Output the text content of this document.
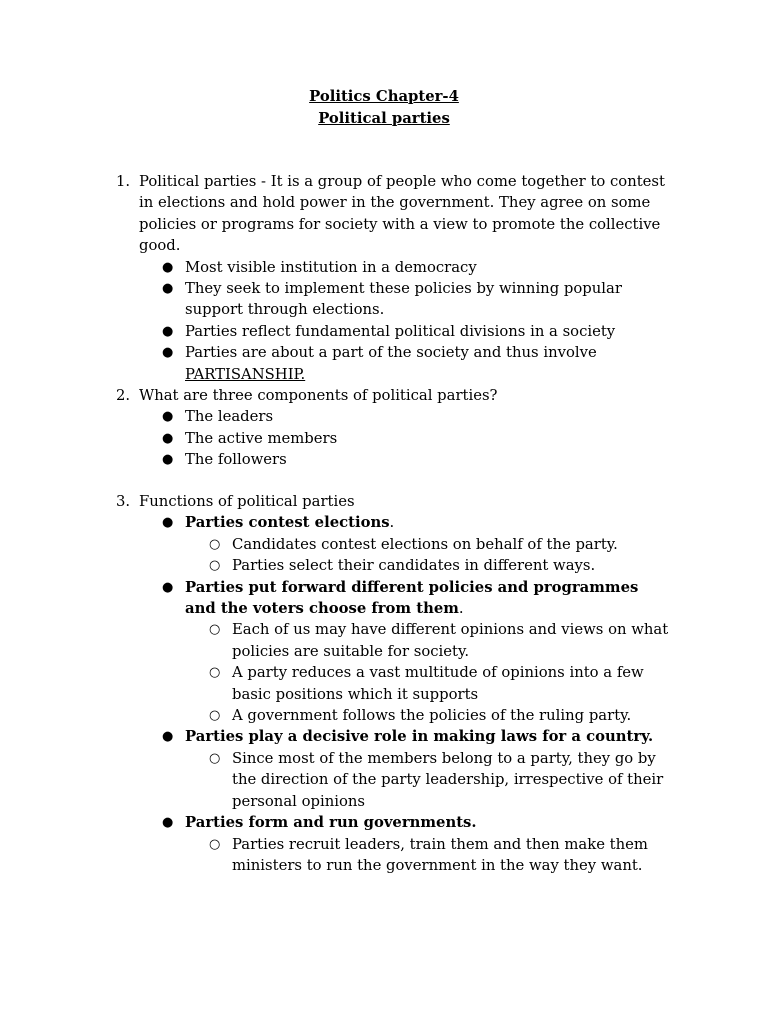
Politics Chapter-4
Political parties
1. Political parties - It is a group of people who come together to contest in elections and hold power in the government. They agree on some policies or programs for society with a view to promote the collective good.
● Most visible institution in a democracy
● They seek to implement these policies by winning popular support through elections.
● Parties reflect fundamental political divisions in a society
● Parties are about a part of the society and thus involve
PARTISANSHIP.
2. What are three components of political parties?
● The leaders
● The active members
● The followers
3. Functions of political parties
● Parties contest elections.
○ Candidates contest elections on behalf of the party.
○ Parties select their candidates in different ways.
● Parties put forward different policies and programmes and the voters choose from them.
○ Each of us may have different opinions and views on what policies are suitable for society.
○ A party reduces a vast multitude of opinions into a few basic positions which it supports
○ A government follows the policies of the ruling party.
● Parties play a decisive role in making laws for a country.
○ Since most of the members belong to a party, they go by the direction of the party leadership, irrespective of their personal opinions
● Parties form and run governments.
○ Parties recruit leaders, train them and then make them ministers to run the government in the way they want.
